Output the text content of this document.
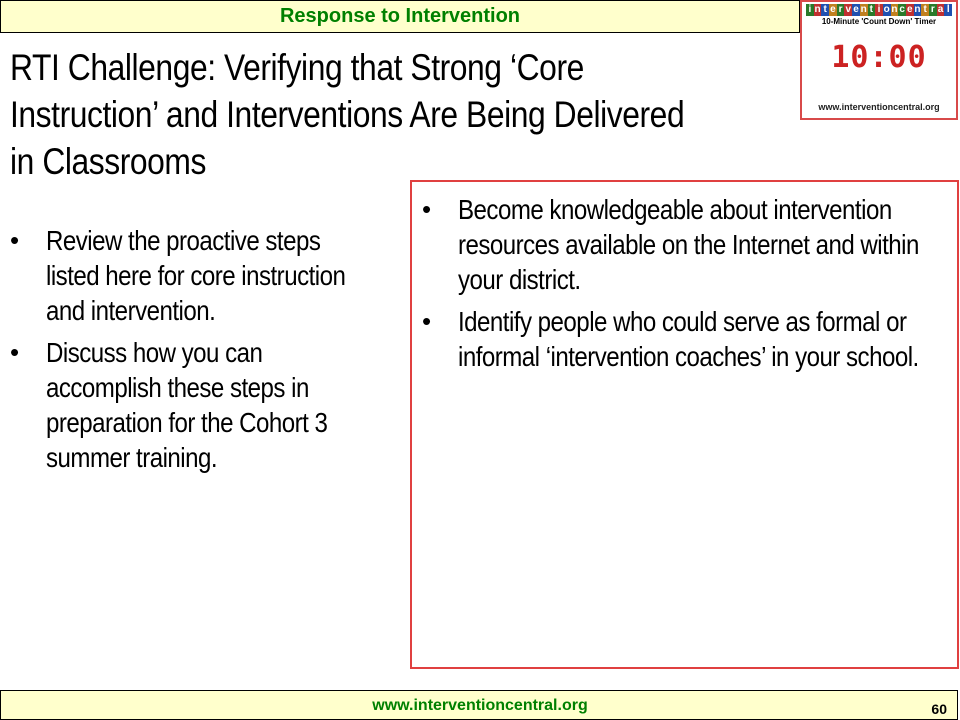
Response to Intervention	i n t e r v e n t i o n c e n t r a l
10-Minute 'Count Down' Timer
10:00
www.interventioncentral.org
RTI Challenge: Verifying that Strong ‘Core Instruction’ and Interventions Are Being Delivered in Classrooms
• Review the proactive steps listed here for core instruction and intervention.
• Discuss how you can accomplish these steps in preparation for the Cohort 3 summer training.
• Become knowledgeable about intervention resources available on the Internet and within your district.
• Identify people who could serve as formal or informal ‘intervention coaches’ in your school.
www.interventioncentral.org	60
